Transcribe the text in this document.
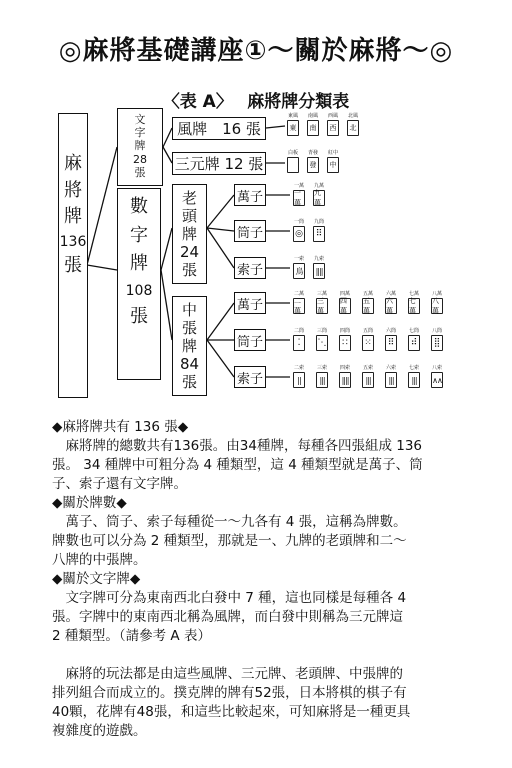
◎麻將基礎講座①〜關於麻將〜◎
〈表 A〉　 麻將牌分類表
麻
將
牌
136
張
文
字
牌
28
張
數
字
牌
108
張
風牌　16 張
三元牌 12 張
老
頭
牌
24
張
中
張
牌
84
張
萬子
筒子
索子
萬子
筒子
索子
東風
東
南風
南
西風
西
北風
北
白板 青發
發
紅中
中
一萬
一萬
九萬
九萬
一筒
◎
九筒
⠿
一索
鳥
九索
||||
二萬
二萬
三萬
三萬
四萬
四萬
五萬
五萬
六萬
六萬
七萬
七萬
八萬
八萬
二筒
⁚
三筒
⋱
四筒
∷
五筒
⁙
六筒
⠿
七筒
⠾
八筒
⣿
二索
||
三索
|||
四索
||||
五索
|||
六索
|||
七索
|||
八索
∧∧

◆麻將牌共有 136 張◆

　麻將牌的總數共有136張。由34種牌，每種各四張組成 136

張。 34 種牌中可粗分為 4 種類型，這 4 種類型就是萬子、筒

子、索子還有文字牌。

◆關於牌數◆

　萬子、筒子、索子每種從一〜九各有 4 張，這稱為牌數。

牌數也可以分為 2 種類型，那就是一、九牌的老頭牌和二〜

八牌的中張牌。

◆關於文字牌◆

　文字牌可分為東南西北白發中 7 種，這也同樣是每種各 4

張。字牌中的東南西北稱為風牌，而白發中則稱為三元牌這

2 種類型。（請參考 A 表）

　麻將的玩法都是由這些風牌、三元牌、老頭牌、中張牌的

排列組合而成立的。撲克牌的牌有52張，日本將棋的棋子有

40顆，花牌有48張，和這些比較起來，可知麻將是一種更具

複雜度的遊戲。
